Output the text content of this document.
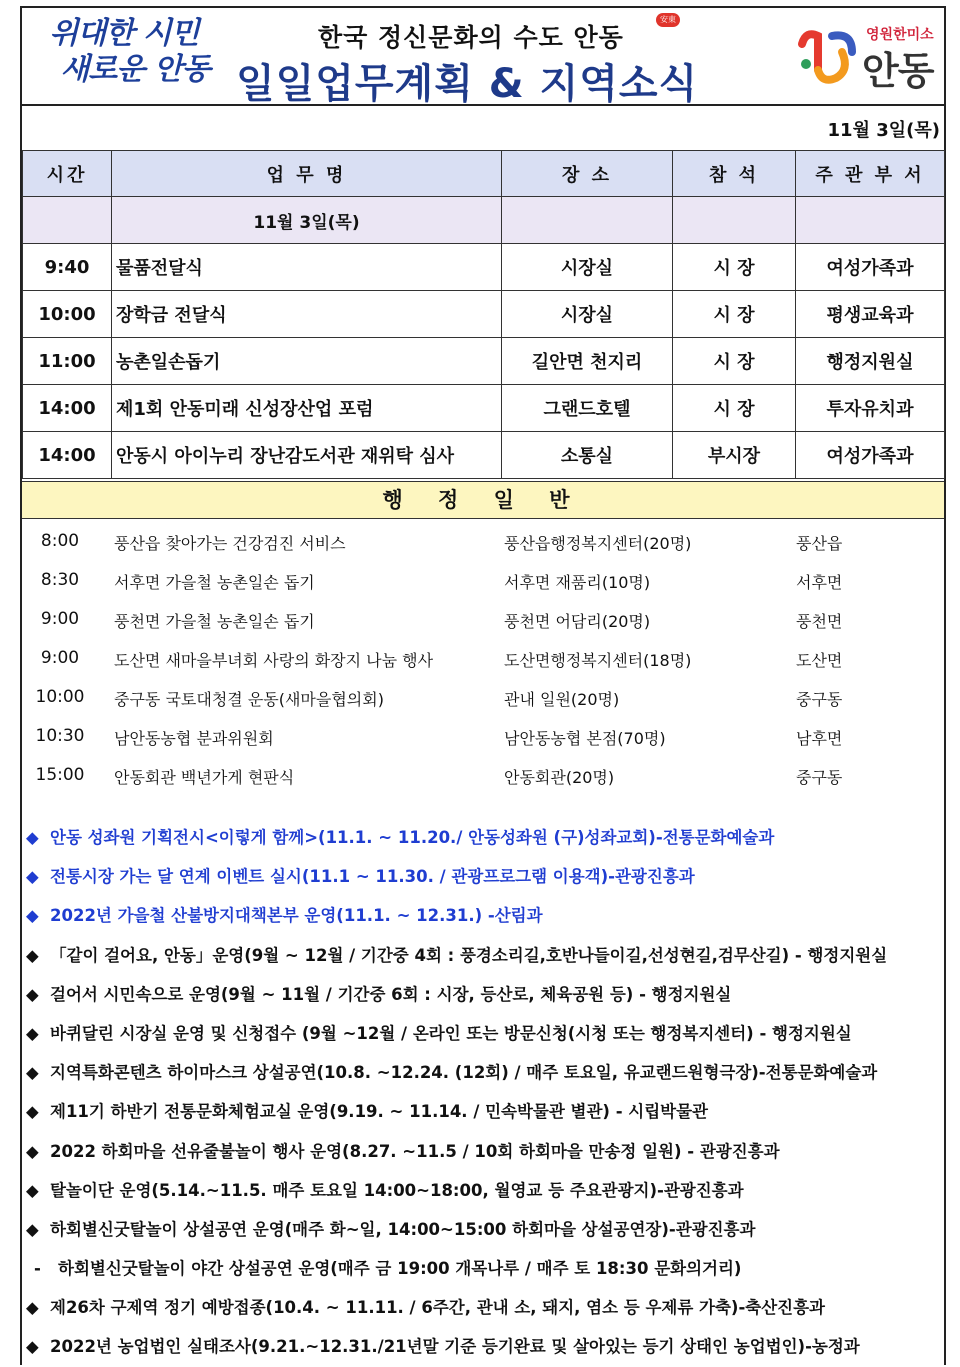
위대한 시민
새로운 안동
한국 정신문화의 수도 안동
安東
일일업무계획 & 지역소식
영원한미소
안동
11월 3일(목)
시간	업 무 명	장 소	참 석	주 관 부 서
	11월 3일(목)			
9:40	물품전달식	시장실	시 장	여성가족과
10:00	장학금 전달식	시장실	시 장	평생교육과
11:00	농촌일손돕기	길안면 천지리	시 장	행정지원실
14:00	제1회 안동미래 신성장산업 포럼	그랜드호텔	시 장	투자유치과
14:00	안동시 아이누리 장난감도서관 재위탁 심사	소통실	부시장	여성가족과
행 정 일 반
8:00	풍산읍 찾아가는 건강검진 서비스	풍산읍행정복지센터(20명)	풍산읍
8:30	서후면 가을철 농촌일손 돕기	서후면 재품리(10명)	서후면
9:00	풍천면 가을철 농촌일손 돕기	풍천면 어담리(20명)	풍천면
9:00	도산면 새마을부녀회 사랑의 화장지 나눔 행사	도산면행정복지센터(18명)	도산면
10:00	중구동 국토대청결 운동(새마을협의회)	관내 일원(20명)	중구동
10:30	남안동농협 분과위원회	남안동농협 본점(70명)	남후면
15:00	안동회관 백년가게 현판식	안동회관(20명)	중구동
◆ 안동 성좌원 기획전시<이렇게 함께>(11.1. ~ 11.20./ 안동성좌원 (구)성좌교회)-전통문화예술과
◆ 전통시장 가는 달 연계 이벤트 실시(11.1 ~ 11.30. / 관광프로그램 이용객)-관광진흥과
◆ 2022년 가을철 산불방지대책본부 운영(11.1. ~ 12.31.) -산림과
◆ 「같이 걸어요, 안동」운영(9월 ~ 12월 / 기간중 4회 : 풍경소리길,호반나들이길,선성현길,검무산길) - 행정지원실
◆ 걸어서 시민속으로 운영(9월 ~ 11월 / 기간중 6회 : 시장, 등산로, 체육공원 등) - 행정지원실
◆ 바퀴달린 시장실 운영 및 신청접수 (9월 ~12월 / 온라인 또는 방문신청(시청 또는 행정복지센터) - 행정지원실
◆ 지역특화콘텐츠 하이마스크 상설공연(10.8. ~12.24. (12회) / 매주 토요일, 유교랜드원형극장)-전통문화예술과
◆ 제11기 하반기 전통문화체험교실 운영(9.19. ~ 11.14. / 민속박물관 별관) - 시립박물관
◆ 2022 하회마을 선유줄불놀이 행사 운영(8.27. ~11.5 / 10회 하회마을 만송정 일원) - 관광진흥과
◆ 탈놀이단 운영(5.14.~11.5. 매주 토요일 14:00~18:00, 월영교 등 주요관광지)-관광진흥과
◆ 하회별신굿탈놀이 상설공연 운영(매주 화~일, 14:00~15:00 하회마을 상설공연장)-관광진흥과
- 하회별신굿탈놀이 야간 상설공연 운영(매주 금 19:00 개목나루 / 매주 토 18:30 문화의거리)
◆ 제26차 구제역 정기 예방접종(10.4. ~ 11.11. / 6주간, 관내 소, 돼지, 염소 등 우제류 가축)-축산진흥과
◆ 2022년 농업법인 실태조사(9.21.~12.31./21년말 기준 등기완료 및 살아있는 등기 상태인 농업법인)-농정과
